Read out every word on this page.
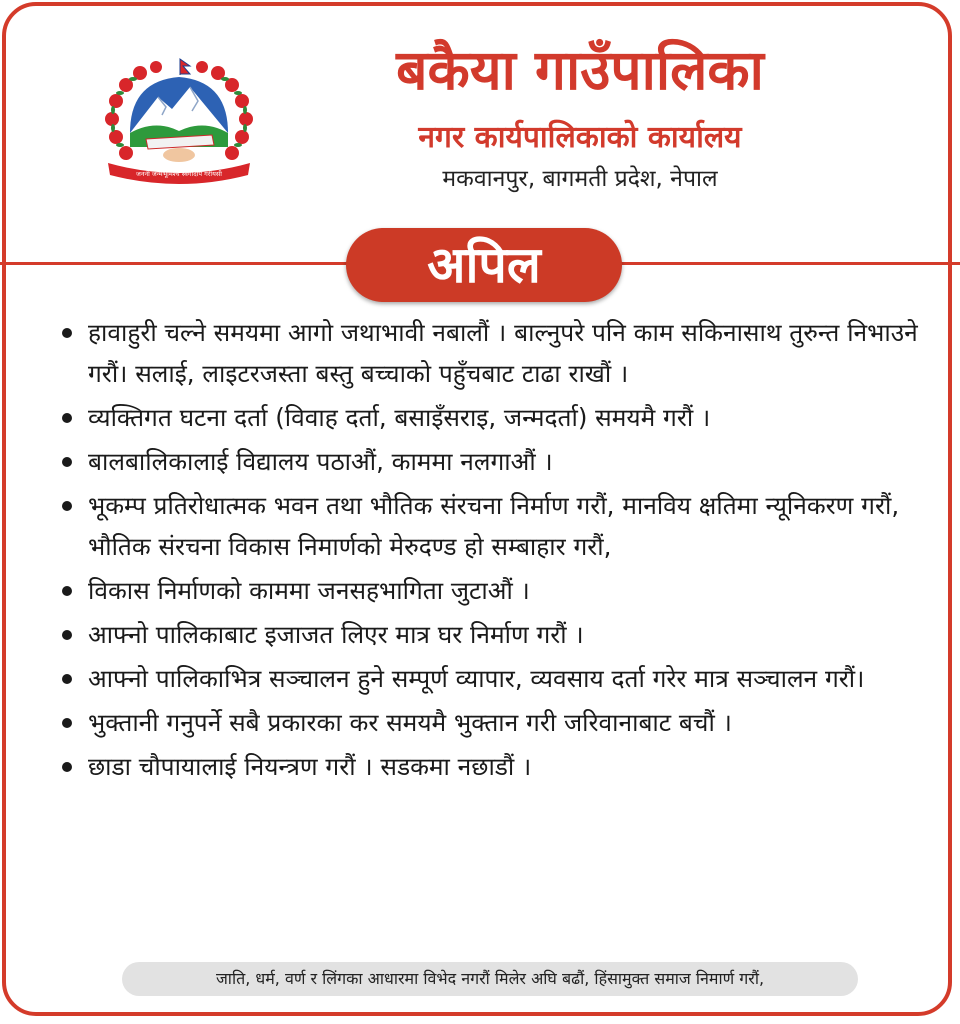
जननी जन्मभूमिश्च स्वर्गादपि गरीयसी
बकैया गाउँपालिका
नगर कार्यपालिकाको कार्यालय

मकवानपुर, बागमती प्रदेश, नेपाल

अपिल
हावाहुरी चल्ने समयमा आगो जथाभावी नबालौं । बाल्नुपरे पनि काम सकिनासाथ तुरुन्त निभाउने गरौं। सलाई, लाइटरजस्ता बस्तु बच्चाको पहुँचबाट टाढा राखौं ।
व्यक्तिगत घटना दर्ता (विवाह दर्ता, बसाइँसराइ, जन्मदर्ता) समयमै गरौं ।
बालबालिकालाई विद्यालय पठाऔं, काममा नलगाऔं ।
भूकम्प प्रतिरोधात्मक भवन तथा भौतिक संरचना निर्माण गरौं, मानविय क्षतिमा न्यूनिकरण गरौं, भौतिक संरचना विकास निमार्णको मेरुदण्ड हो सम्बाहार गरौं,
विकास निर्माणको काममा जनसहभागिता जुटाऔं ।
आफ्नो पालिकाबाट इजाजत लिएर मात्र घर निर्माण गरौं ।
आफ्नो पालिकाभित्र सञ्चालन हुने सम्पूर्ण व्यापार, व्यवसाय दर्ता गरेर मात्र सञ्चालन गरौं।
भुक्तानी गनुपर्ने सबै प्रकारका कर समयमै भुक्तान गरी जरिवानाबाट बचौं ।
छाडा चौपायालाई नियन्त्रण गरौं । सडकमा नछाडौं ।
जाति, धर्म, वर्ण र लिंगका आधारमा विभेद नगरौं मिलेर अघि बढौं, हिंसामुक्त समाज निमार्ण गरौं,
